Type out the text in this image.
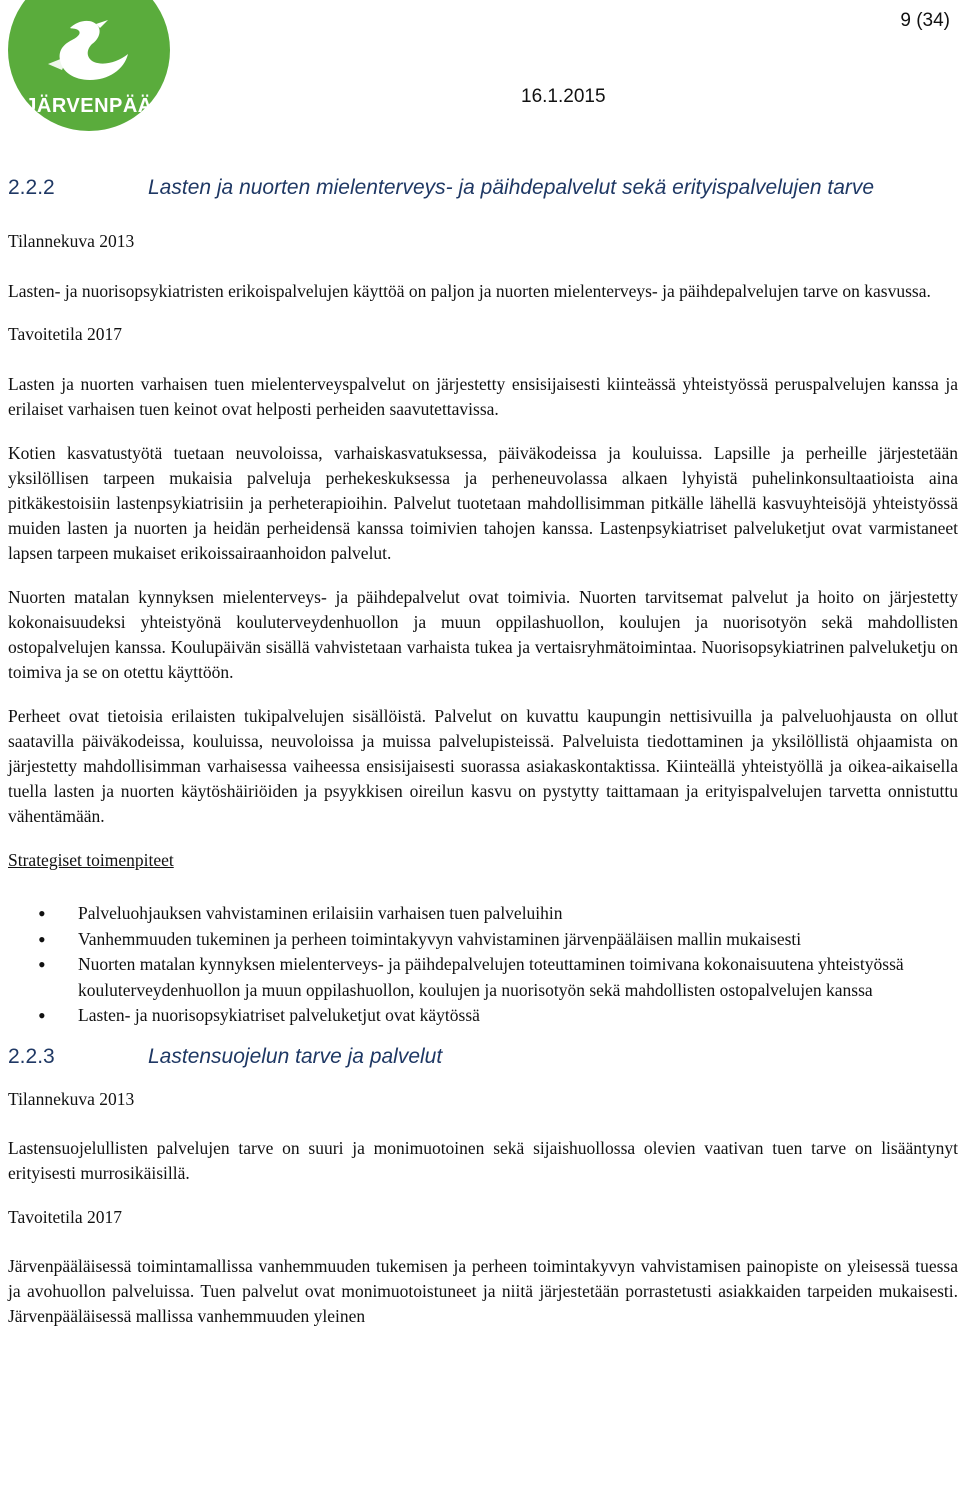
JÄRVENPÄÄ
9 (34)
16.1.2015
2.2.2	Lasten ja nuorten mielenterveys- ja päihdepalvelut sekä erityispalvelujen tarve
Tilannekuva 2013

Lasten- ja nuorisopsykiatristen erikoispalvelujen käyttöä on paljon ja nuorten mielenterveys- ja päihdepalvelujen tarve on kasvussa.

Tavoitetila 2017

Lasten ja nuorten varhaisen tuen mielenterveyspalvelut on järjestetty ensisijaisesti kiinteässä yhteistyössä peruspalvelujen kanssa ja erilaiset varhaisen tuen keinot ovat helposti perheiden saavutettavissa.

Kotien kasvatustyötä tuetaan neuvoloissa, varhaiskasvatuksessa, päiväkodeissa ja kouluissa. Lapsille ja perheille järjestetään yksilöllisen tarpeen mukaisia palveluja perhekeskuksessa ja perheneuvolassa alkaen lyhyistä puhelinkonsultaatioista aina pitkäkestoisiin lastenpsykiatrisiin ja perheterapioihin. Palvelut tuotetaan mahdollisimman pitkälle lähellä kasvuyhteisöjä yhteistyössä muiden lasten ja nuorten ja heidän perheidensä kanssa toimivien tahojen kanssa. Lastenpsykiatriset palveluketjut ovat varmistaneet lapsen tarpeen mukaiset erikoissairaanhoidon palvelut.

Nuorten matalan kynnyksen mielenterveys- ja päihdepalvelut ovat toimivia. Nuorten tarvitsemat palvelut ja hoito on järjestetty kokonaisuudeksi yhteistyönä kouluterveydenhuollon ja muun oppilashuollon, koulujen ja nuorisotyön sekä mahdollisten ostopalvelujen kanssa. Koulupäivän sisällä vahvistetaan varhaista tukea ja vertaisryhmätoimintaa. Nuorisopsykiatrinen palveluketju on toimiva ja se on otettu käyttöön.

Perheet ovat tietoisia erilaisten tukipalvelujen sisällöistä. Palvelut on kuvattu kaupungin nettisivuilla ja palveluohjausta on ollut saatavilla päiväkodeissa, kouluissa, neuvoloissa ja muissa palvelupisteissä. Palveluista tiedottaminen ja yksilöllistä ohjaamista on järjestetty mahdollisimman varhaisessa vaiheessa ensisijaisesti suorassa asiakaskontaktissa. Kiinteällä yhteistyöllä ja oikea-aikaisella tuella lasten ja nuorten käytöshäiriöiden ja psyykkisen oireilun kasvu on pystytty taittamaan ja erityispalvelujen tarvetta onnistuttu vähentämään.

Strategiset toimenpiteet
• Palveluohjauksen vahvistaminen erilaisiin varhaisen tuen palveluihin
• Vanhemmuuden tukeminen ja perheen toimintakyvyn vahvistaminen järvenpääläisen mallin mukaisesti
• Nuorten matalan kynnyksen mielenterveys- ja päihdepalvelujen toteuttaminen toimivana kokonaisuutena yhteistyössä kouluterveydenhuollon ja muun oppilashuollon, koulujen ja nuorisotyön sekä mahdollisten ostopalvelujen kanssa
• Lasten- ja nuorisopsykiatriset palveluketjut ovat käytössä
2.2.3	Lastensuojelun tarve ja palvelut
Tilannekuva 2013

Lastensuojelullisten palvelujen tarve on suuri ja monimuotoinen sekä sijaishuollossa olevien vaativan tuen tarve on lisääntynyt erityisesti murrosikäisillä.

Tavoitetila 2017

Järvenpääläisessä toimintamallissa vanhemmuuden tukemisen ja perheen toimintakyvyn vahvistamisen painopiste on yleisessä tuessa ja avohuollon palveluissa. Tuen palvelut ovat monimuotoistuneet ja niitä järjestetään porrastetusti asiakkaiden tarpeiden mukaisesti. Järvenpääläisessä mallissa vanhemmuuden yleinen
